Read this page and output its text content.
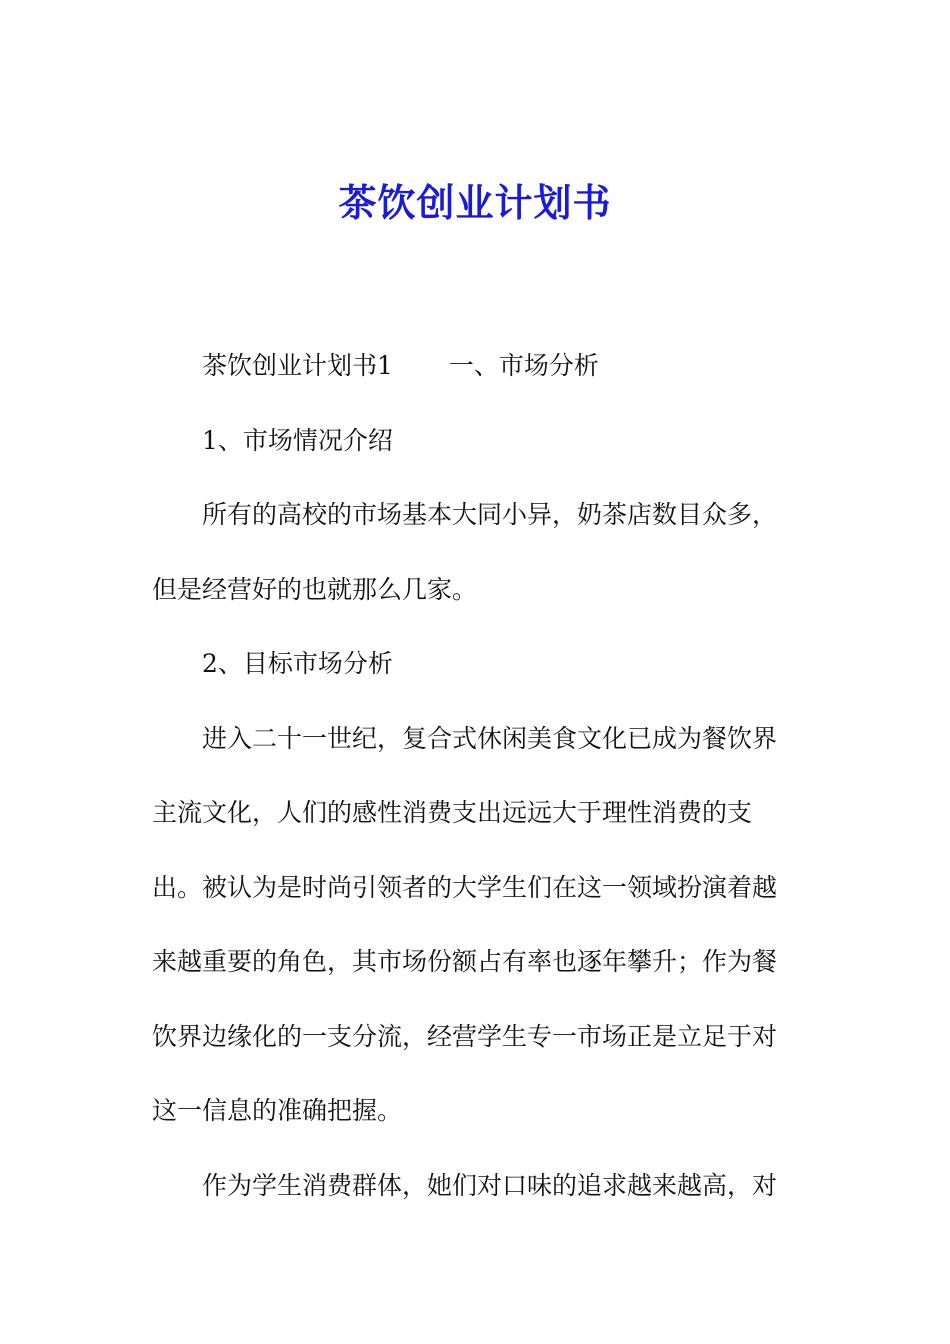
茶饮创业计划书
茶饮创业计划书1 一、市场分析
1、市场情况介绍
所有的高校的市场基本大同小异，奶茶店数目众多，
但是经营好的也就那么几家。
2、目标市场分析
进入二十一世纪，复合式休闲美食文化已成为餐饮界
主流文化，人们的感性消费支出远远大于理性消费的支
出。被认为是时尚引领者的大学生们在这一领域扮演着越
来越重要的角色，其市场份额占有率也逐年攀升；作为餐
饮界边缘化的一支分流，经营学生专一市场正是立足于对
这一信息的准确把握。
作为学生消费群体，她们对口味的追求越来越高，对
